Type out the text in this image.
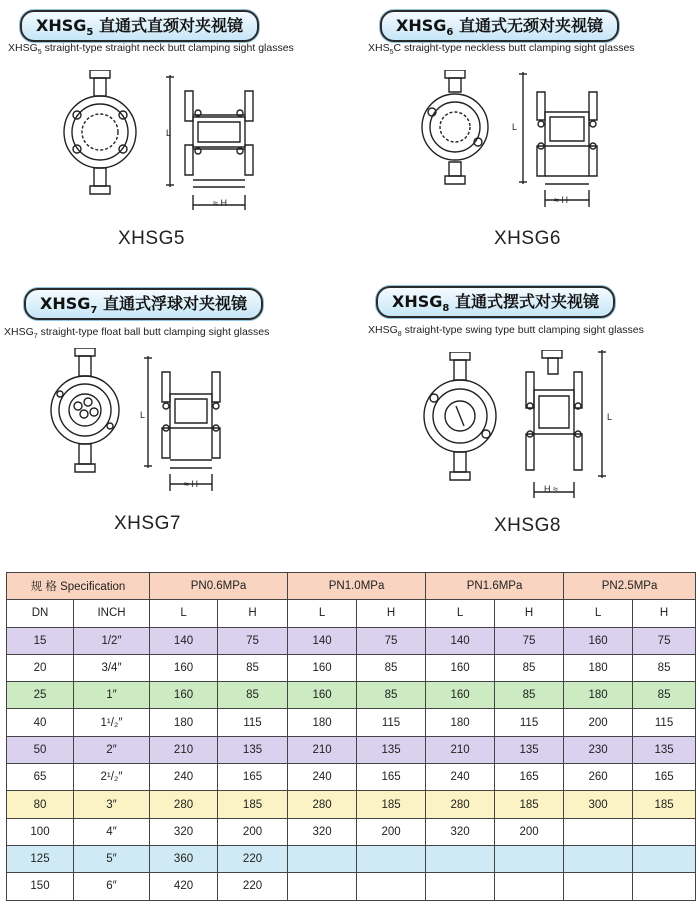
$XHSG_5$ 直通式直颈对夹视镜
$XHSG_5$ straight-type straight neck butt clamping sight glasses
$XHSG_6$ 直通式无颈对夹视镜
$XHS_5C$ straight-type neckless butt clamping sight glasses
$XHSG_7$ 直通式浮球对夹视镜
$XHSG_7$ straight-type float ball butt clamping sight glasses
$XHSG_8$ 直通式摆式对夹视镜
$XHSG_8$ straight-type swing type butt clamping sight glasses
L
≈ H
XHSG5
L
≈ H
XHSG6
L
≈ H
XHSG7
L
H ≈
XHSG8
规 格 Specification		PN0.6MPa		PN1.0MPa		PN1.6MPa		PN2.5MPa	
DN	INCH	L	H	L	H	L	H	L	H
15	1/2″	140	75	140	75	140	75	160	75
20	3/4″	160	85	160	85	160	85	180	85
25	1″	160	85	160	85	160	85	180	85
40	1¹/₂″	180	115	180	115	180	115	200	115
50	2″	210	135	210	135	210	135	230	135
65	2¹/₂″	240	165	240	165	240	165	260	165
80	3″	280	185	280	185	280	185	300	185
100	4″	320	200	320	200	320	200		
125	5″	360	220						
150	6″	420	220						
